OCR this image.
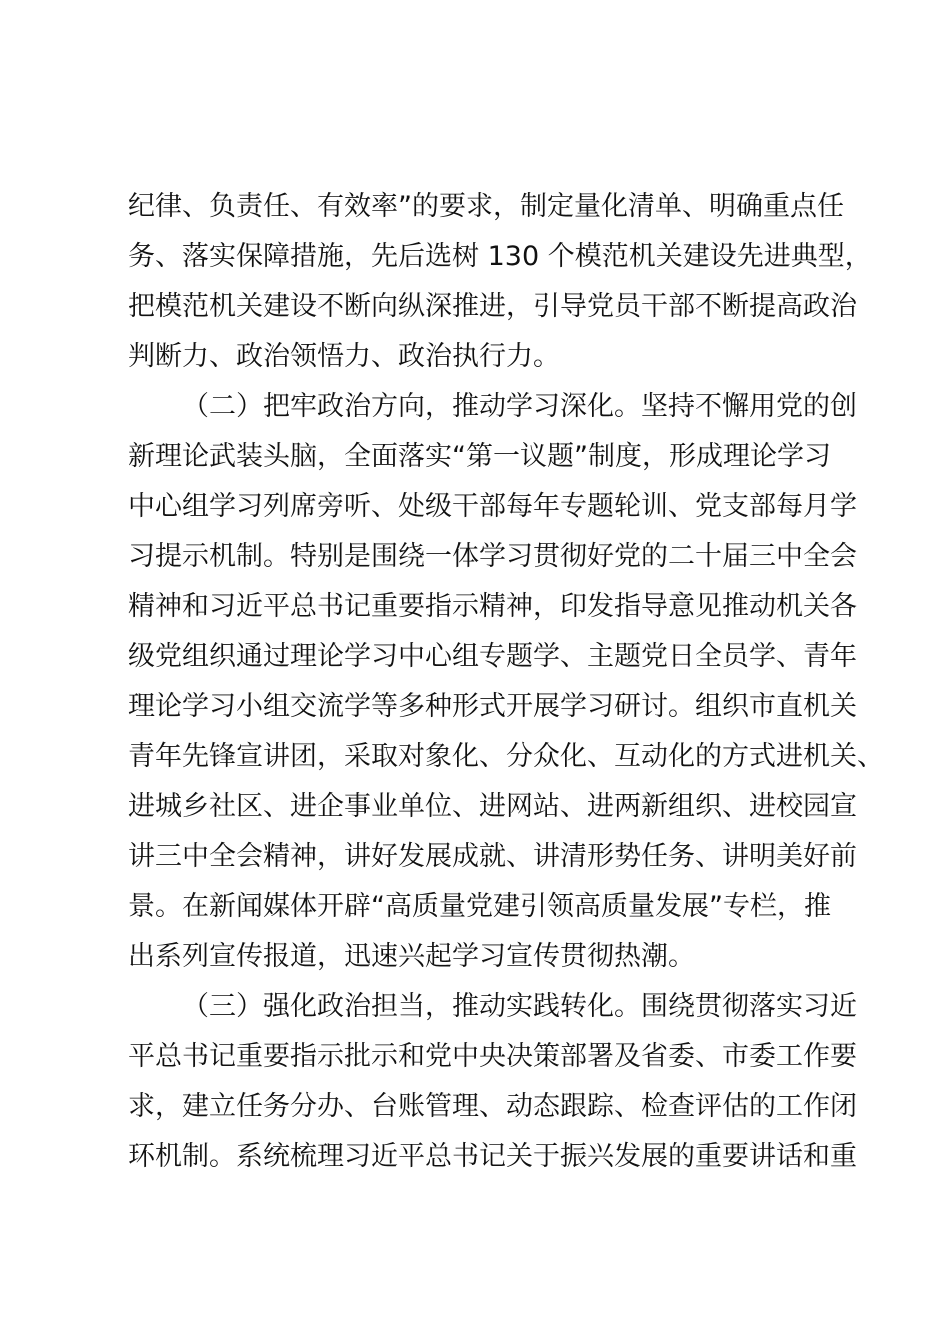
纪律、负责任、有效率”的要求，制定量化清单、明确重点任
务、落实保障措施，先后选树 130 个模范机关建设先进典型，
把模范机关建设不断向纵深推进，引导党员干部不断提高政治
判断力、政治领悟力、政治执行力。
（二）把牢政治方向，推动学习深化。坚持不懈用党的创
新理论武装头脑，全面落实“第一议题”制度，形成理论学习
中心组学习列席旁听、处级干部每年专题轮训、党支部每月学
习提示机制。特别是围绕一体学习贯彻好党的二十届三中全会
精神和习近平总书记重要指示精神，印发指导意见推动机关各
级党组织通过理论学习中心组专题学、主题党日全员学、青年
理论学习小组交流学等多种形式开展学习研讨。组织市直机关
青年先锋宣讲团，采取对象化、分众化、互动化的方式进机关、
进城乡社区、进企事业单位、进网站、进两新组织、进校园宣
讲三中全会精神，讲好发展成就、讲清形势任务、讲明美好前
景。在新闻媒体开辟“高质量党建引领高质量发展”专栏，推
出系列宣传报道，迅速兴起学习宣传贯彻热潮。
（三）强化政治担当，推动实践转化。围绕贯彻落实习近
平总书记重要指示批示和党中央决策部署及省委、市委工作要
求，建立任务分办、台账管理、动态跟踪、检查评估的工作闭
环机制。系统梳理习近平总书记关于振兴发展的重要讲话和重
